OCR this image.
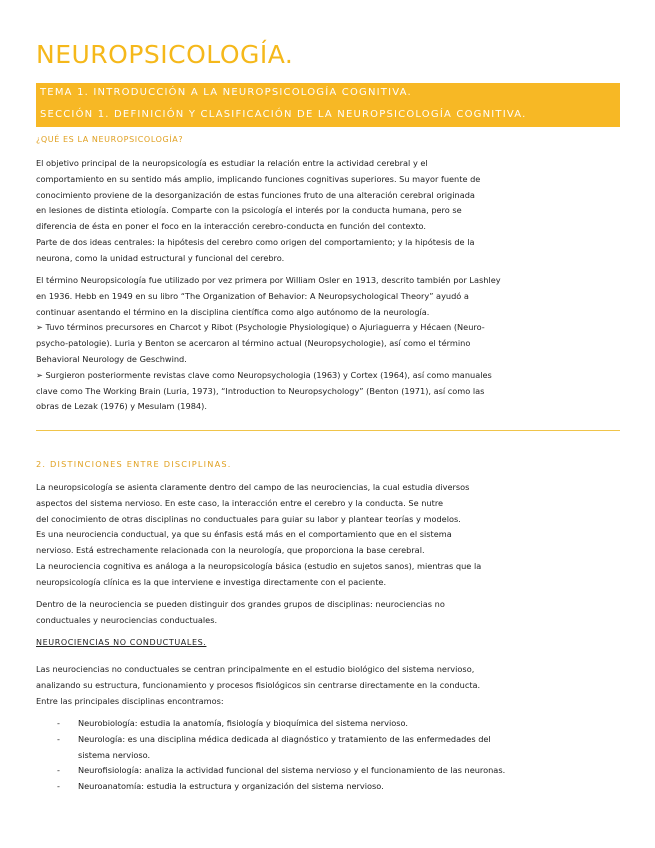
NEUROPSICOLOGÍA.
TEMA 1. INTRODUCCIÓN A LA NEUROPSICOLOGÍA COGNITIVA.
SECCIÓN 1. DEFINICIÓN Y CLASIFICACIÓN DE LA NEUROPSICOLOGÍA COGNITIVA.
¿QUÉ ES LA NEUROPSICOLOGÍA?

El objetivo principal de la neuropsicología es estudiar la relación entre la actividad cerebral y el

comportamiento en su sentido más amplio, implicando funciones cognitivas superiores. Su mayor fuente de

conocimiento proviene de la desorganización de estas funciones fruto de una alteración cerebral originada

en lesiones de distinta etiología. Comparte con la psicología el interés por la conducta humana, pero se

diferencia de ésta en poner el foco en la interacción cerebro-conducta en función del contexto.

Parte de dos ideas centrales: la hipótesis del cerebro como origen del comportamiento; y la hipótesis de la

neurona, como la unidad estructural y funcional del cerebro.

El término Neuropsicología fue utilizado por vez primera por William Osler en 1913, descrito también por Lashley

en 1936. Hebb en 1949 en su libro “The Organization of Behavior: A Neuropsychological Theory” ayudó a

continuar asentando el término en la disciplina científica como algo autónomo de la neurología.

➢ Tuvo términos precursores en Charcot y Ribot (Psychologie Physiologique) o Ajuriaguerra y Hécaen (Neuro-

psycho-patologie). Luria y Benton se acercaron al término actual (Neuropsychologie), así como el término

Behavioral Neurology de Geschwind.

➢ Surgieron posteriormente revistas clave como Neuropsychologia (1963) y Cortex (1964), así como manuales

clave como The Working Brain (Luria, 1973), “Introduction to Neuropsychology” (Benton (1971), así como las

obras de Lezak (1976) y Mesulam (1984).

2. DISTINCIONES ENTRE DISCIPLINAS.

La neuropsicología se asienta claramente dentro del campo de las neurociencias, la cual estudia diversos

aspectos del sistema nervioso. En este caso, la interacción entre el cerebro y la conducta. Se nutre

del conocimiento de otras disciplinas no conductuales para guiar su labor y plantear teorías y modelos.

Es una neurociencia conductual, ya que su énfasis está más en el comportamiento que en el sistema

nervioso. Está estrechamente relacionada con la neurología, que proporciona la base cerebral.

La neurociencia cognitiva es análoga a la neuropsicología básica (estudio en sujetos sanos), mientras que la

neuropsicología clínica es la que interviene e investiga directamente con el paciente.

Dentro de la neurociencia se pueden distinguir dos grandes grupos de disciplinas: neurociencias no

conductuales y neurociencias conductuales.

NEUROCIENCIAS NO CONDUCTUALES.

Las neurociencias no conductuales se centran principalmente en el estudio biológico del sistema nervioso,

analizando su estructura, funcionamiento y procesos fisiológicos sin centrarse directamente en la conducta.

Entre las principales disciplinas encontramos:

- Neurobiología: estudia la anatomía, fisiología y bioquímica del sistema nervioso.
- Neurología: es una disciplina médica dedicada al diagnóstico y tratamiento de las enfermedades del
sistema nervioso.
- Neurofisiología: analiza la actividad funcional del sistema nervioso y el funcionamiento de las neuronas.
- Neuroanatomía: estudia la estructura y organización del sistema nervioso.
